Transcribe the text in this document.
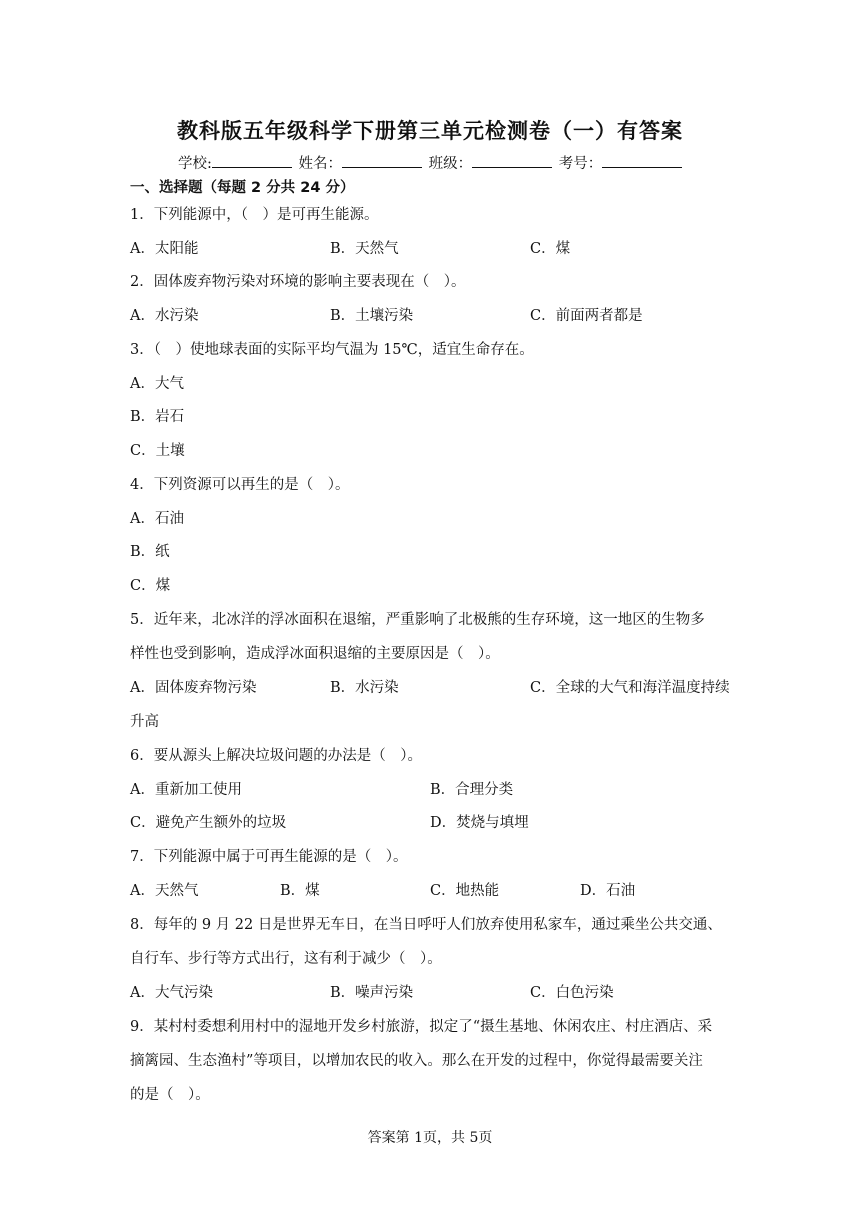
教科版五年级科学下册第三单元检测卷（一）有答案
学校:	姓名：	班级：	考号：
一、选择题（每题 2 分共 24 分）
1．下列能源中，（　）是可再生能源。
A．太阳能	B．天然气	C．煤
2．固体废弃物污染对环境的影响主要表现在（　）。
A．水污染	B．土壤污染	C．前面两者都是
3．（　）使地球表面的实际平均气温为 15℃，适宜生命存在。
A．大气
B．岩石
C．土壤
4．下列资源可以再生的是（　）。
A．石油
B．纸
C．煤
5．近年来，北冰洋的浮冰面积在退缩，严重影响了北极熊的生存环境，这一地区的生物多
样性也受到影响，造成浮冰面积退缩的主要原因是（　）。
A．固体废弃物污染	B．水污染	C．全球的大气和海洋温度持续
升高
6．要从源头上解决垃圾问题的办法是（　）。
A．重新加工使用	B．合理分类
C．避免产生额外的垃圾	D．焚烧与填埋
7．下列能源中属于可再生能源的是（　）。
A．天然气	B．煤	C．地热能	D．石油
8．每年的 9 月 22 日是世界无车日，在当日呼吁人们放弃使用私家车，通过乘坐公共交通、
自行车、步行等方式出行，这有利于减少（　）。
A．大气污染	B．噪声污染	C．白色污染
9．某村村委想利用村中的湿地开发乡村旅游，拟定了“摄生基地、休闲农庄、村庄酒店、采
摘篱园、生态渔村”等项目，以增加农民的收入。那么在开发的过程中，你觉得最需要关注
的是（　）。
答案第 1页，共 5页
